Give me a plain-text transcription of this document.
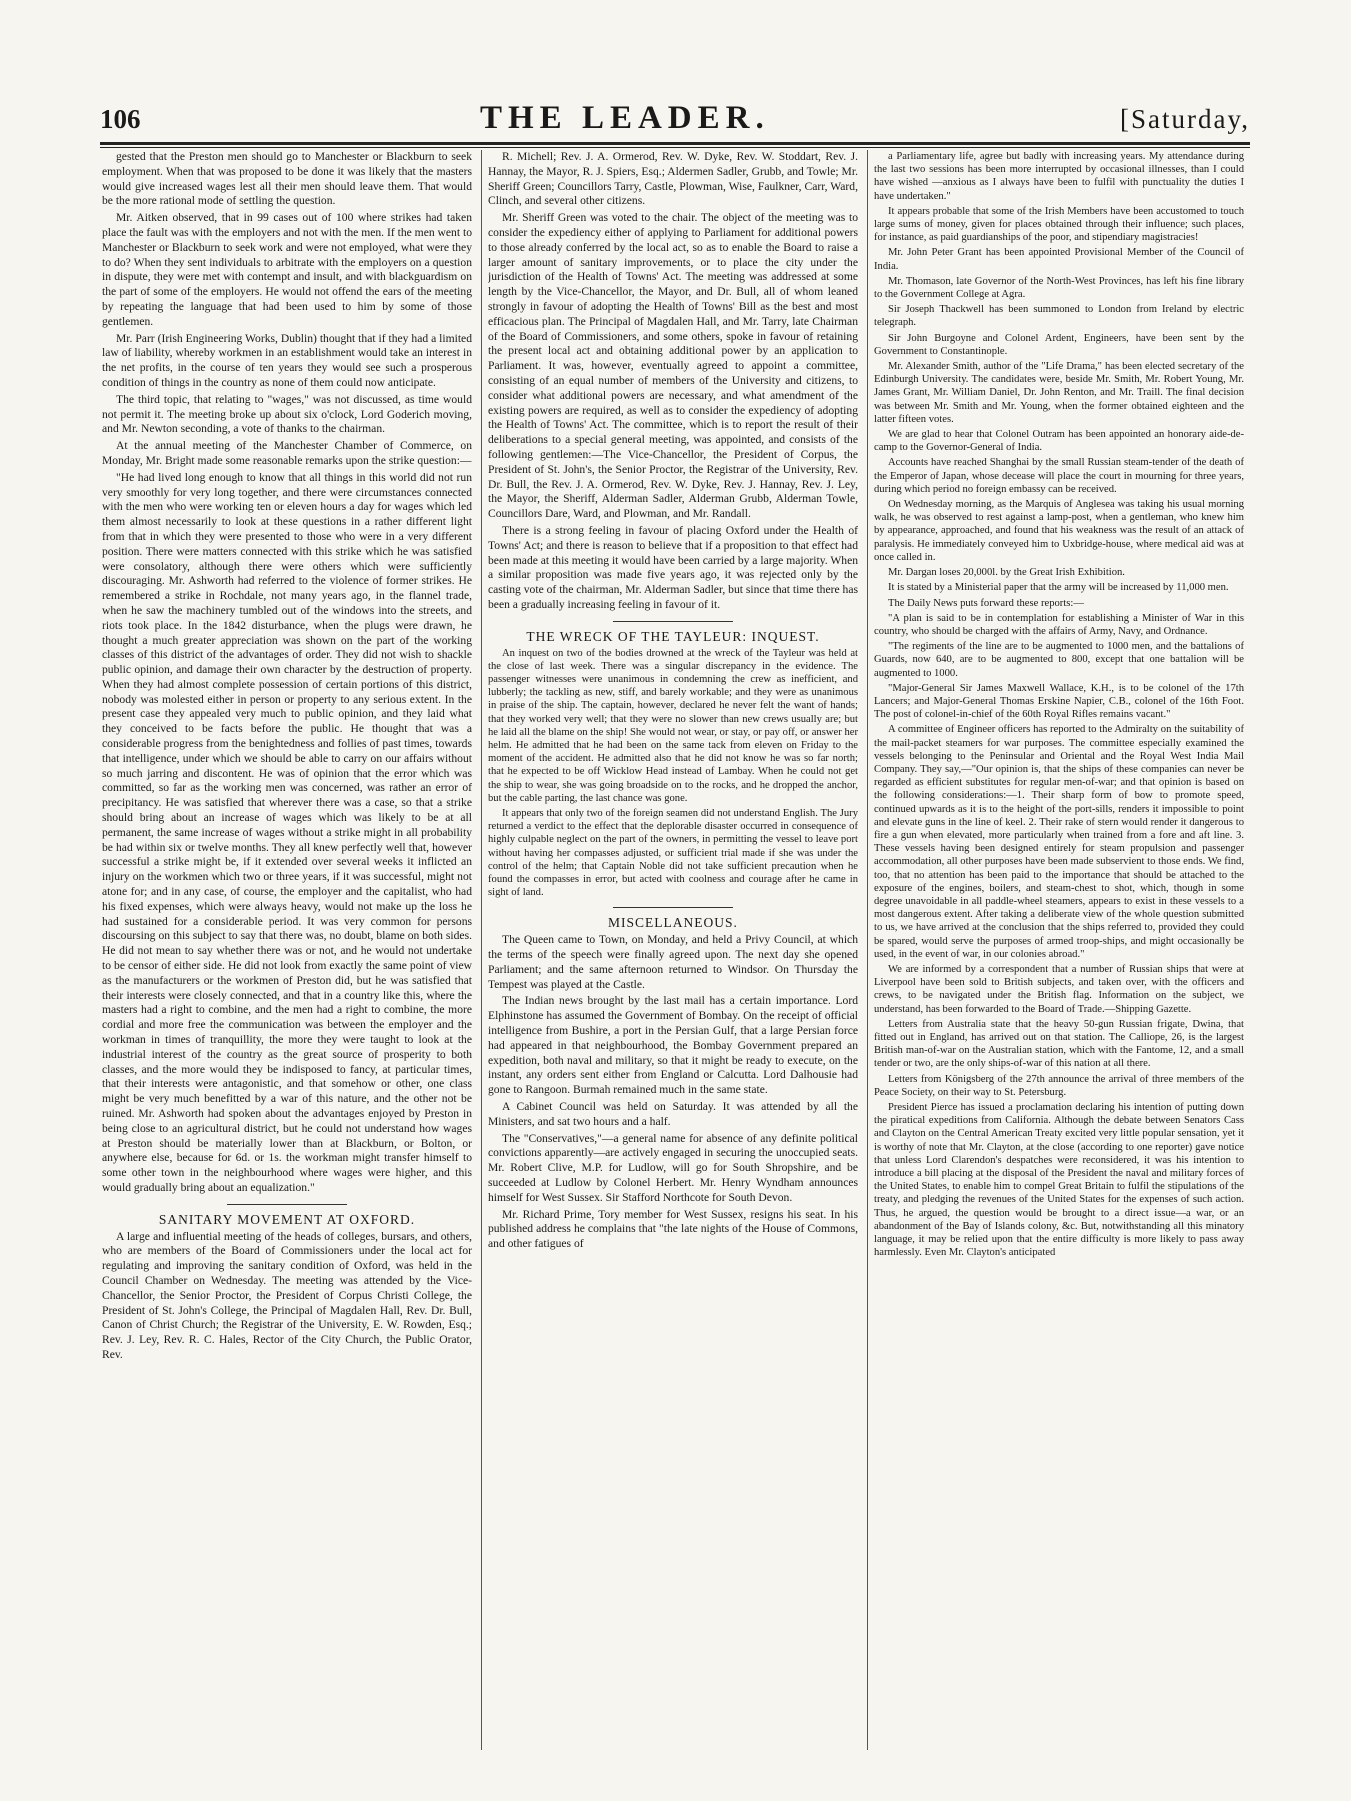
106	THE LEADER.	[Saturday,

gested that the Preston men should go to Manchester or Blackburn to seek employment. When that was proposed to be done it was likely that the masters would give increased wages lest all their men should leave them. That would be the more rational mode of settling the question.

Mr. Aitken observed, that in 99 cases out of 100 where strikes had taken place the fault was with the employers and not with the men. If the men went to Manchester or Blackburn to seek work and were not employed, what were they to do? When they sent individuals to arbitrate with the employers on a question in dispute, they were met with contempt and insult, and with blackguardism on the part of some of the employers. He would not offend the ears of the meeting by repeating the language that had been used to him by some of those gentlemen.

Mr. Parr (Irish Engineering Works, Dublin) thought that if they had a limited law of liability, whereby workmen in an establishment would take an interest in the net profits, in the course of ten years they would see such a prosperous condition of things in the country as none of them could now anticipate.

The third topic, that relating to "wages," was not discussed, as time would not permit it. The meeting broke up about six o'clock, Lord Goderich moving, and Mr. Newton seconding, a vote of thanks to the chairman.

At the annual meeting of the Manchester Chamber of Commerce, on Monday, Mr. Bright made some reasonable remarks upon the strike question:—

"He had lived long enough to know that all things in this world did not run very smoothly for very long together, and there were circumstances connected with the men who were working ten or eleven hours a day for wages which led them almost necessarily to look at these questions in a rather different light from that in which they were presented to those who were in a very different position. There were matters connected with this strike which he was satisfied were consolatory, although there were others which were sufficiently discouraging. Mr. Ashworth had referred to the violence of former strikes. He remembered a strike in Rochdale, not many years ago, in the flannel trade, when he saw the machinery tumbled out of the windows into the streets, and riots took place. In the 1842 disturbance, when the plugs were drawn, he thought a much greater appreciation was shown on the part of the working classes of this district of the advantages of order. They did not wish to shackle public opinion, and damage their own character by the destruction of property. When they had almost complete possession of certain portions of this district, nobody was molested either in person or property to any serious extent. In the present case they appealed very much to public opinion, and they laid what they conceived to be facts before the public. He thought that was a considerable progress from the benightedness and follies of past times, towards that intelligence, under which we should be able to carry on our affairs without so much jarring and discontent. He was of opinion that the error which was committed, so far as the working men was concerned, was rather an error of precipitancy. He was satisfied that wherever there was a case, so that a strike should bring about an increase of wages which was likely to be at all permanent, the same increase of wages without a strike might in all probability be had within six or twelve months. They all knew perfectly well that, however successful a strike might be, if it extended over several weeks it inflicted an injury on the workmen which two or three years, if it was successful, might not atone for; and in any case, of course, the employer and the capitalist, who had his fixed expenses, which were always heavy, would not make up the loss he had sustained for a considerable period. It was very common for persons discoursing on this subject to say that there was, no doubt, blame on both sides. He did not mean to say whether there was or not, and he would not undertake to be censor of either side. He did not look from exactly the same point of view as the manufacturers or the workmen of Preston did, but he was satisfied that their interests were closely connected, and that in a country like this, where the masters had a right to combine, and the men had a right to combine, the more cordial and more free the communication was between the employer and the workman in times of tranquillity, the more they were taught to look at the industrial interest of the country as the great source of prosperity to both classes, and the more would they be indisposed to fancy, at particular times, that their interests were antagonistic, and that somehow or other, one class might be very much benefitted by a war of this nature, and the other not be ruined. Mr. Ashworth had spoken about the advantages enjoyed by Preston in being close to an agricultural district, but he could not understand how wages at Preston should be materially lower than at Blackburn, or Bolton, or anywhere else, because for 6d. or 1s. the workman might transfer himself to some other town in the neighbourhood where wages were higher, and this would gradually bring about an equalization."

SANITARY MOVEMENT AT OXFORD.

A large and influential meeting of the heads of colleges, bursars, and others, who are members of the Board of Commissioners under the local act for regulating and improving the sanitary condition of Oxford, was held in the Council Chamber on Wednesday. The meeting was attended by the Vice-Chancellor, the Senior Proctor, the President of Corpus Christi College, the President of St. John's College, the Principal of Magdalen Hall, Rev. Dr. Bull, Canon of Christ Church; the Registrar of the University, E. W. Rowden, Esq.; Rev. J. Ley, Rev. R. C. Hales, Rector of the City Church, the Public Orator, Rev.

R. Michell; Rev. J. A. Ormerod, Rev. W. Dyke, Rev. W. Stoddart, Rev. J. Hannay, the Mayor, R. J. Spiers, Esq.; Aldermen Sadler, Grubb, and Towle; Mr. Sheriff Green; Councillors Tarry, Castle, Plowman, Wise, Faulkner, Carr, Ward, Clinch, and several other citizens.

Mr. Sheriff Green was voted to the chair. The object of the meeting was to consider the expediency either of applying to Parliament for additional powers to those already conferred by the local act, so as to enable the Board to raise a larger amount of sanitary improvements, or to place the city under the jurisdiction of the Health of Towns' Act. The meeting was addressed at some length by the Vice-Chancellor, the Mayor, and Dr. Bull, all of whom leaned strongly in favour of adopting the Health of Towns' Bill as the best and most efficacious plan. The Principal of Magdalen Hall, and Mr. Tarry, late Chairman of the Board of Commissioners, and some others, spoke in favour of retaining the present local act and obtaining additional power by an application to Parliament. It was, however, eventually agreed to appoint a committee, consisting of an equal number of members of the University and citizens, to consider what additional powers are necessary, and what amendment of the existing powers are required, as well as to consider the expediency of adopting the Health of Towns' Act. The committee, which is to report the result of their deliberations to a special general meeting, was appointed, and consists of the following gentlemen:—The Vice-Chancellor, the President of Corpus, the President of St. John's, the Senior Proctor, the Registrar of the University, Rev. Dr. Bull, the Rev. J. A. Ormerod, Rev. W. Dyke, Rev. J. Hannay, Rev. J. Ley, the Mayor, the Sheriff, Alderman Sadler, Alderman Grubb, Alderman Towle, Councillors Dare, Ward, and Plowman, and Mr. Randall.

There is a strong feeling in favour of placing Oxford under the Health of Towns' Act; and there is reason to believe that if a proposition to that effect had been made at this meeting it would have been carried by a large majority. When a similar proposition was made five years ago, it was rejected only by the casting vote of the chairman, Mr. Alderman Sadler, but since that time there has been a gradually increasing feeling in favour of it.

THE WRECK OF THE TAYLEUR: INQUEST.

An inquest on two of the bodies drowned at the wreck of the Tayleur was held at the close of last week. There was a singular discrepancy in the evidence. The passenger witnesses were unanimous in condemning the crew as inefficient, and lubberly; the tackling as new, stiff, and barely workable; and they were as unanimous in praise of the ship. The captain, however, declared he never felt the want of hands; that they worked very well; that they were no slower than new crews usually are; but he laid all the blame on the ship! She would not wear, or stay, or pay off, or answer her helm. He admitted that he had been on the same tack from eleven on Friday to the moment of the accident. He admitted also that he did not know he was so far north; that he expected to be off Wicklow Head instead of Lambay. When he could not get the ship to wear, she was going broadside on to the rocks, and he dropped the anchor, but the cable parting, the last chance was gone.

It appears that only two of the foreign seamen did not understand English. The Jury returned a verdict to the effect that the deplorable disaster occurred in consequence of highly culpable neglect on the part of the owners, in permitting the vessel to leave port without having her compasses adjusted, or sufficient trial made if she was under the control of the helm; that Captain Noble did not take sufficient precaution when he found the compasses in error, but acted with coolness and courage after he came in sight of land.

MISCELLANEOUS.

The Queen came to Town, on Monday, and held a Privy Council, at which the terms of the speech were finally agreed upon. The next day she opened Parliament; and the same afternoon returned to Windsor. On Thursday the Tempest was played at the Castle.

The Indian news brought by the last mail has a certain importance. Lord Elphinstone has assumed the Government of Bombay. On the receipt of official intelligence from Bushire, a port in the Persian Gulf, that a large Persian force had appeared in that neighbourhood, the Bombay Government prepared an expedition, both naval and military, so that it might be ready to execute, on the instant, any orders sent either from England or Calcutta. Lord Dalhousie had gone to Rangoon. Burmah remained much in the same state.

A Cabinet Council was held on Saturday. It was attended by all the Ministers, and sat two hours and a half.

The "Conservatives,"—a general name for absence of any definite political convictions apparently—are actively engaged in securing the unoccupied seats. Mr. Robert Clive, M.P. for Ludlow, will go for South Shropshire, and be succeeded at Ludlow by Colonel Herbert. Mr. Henry Wyndham announces himself for West Sussex. Sir Stafford Northcote for South Devon.

Mr. Richard Prime, Tory member for West Sussex, resigns his seat. In his published address he complains that "the late nights of the House of Commons, and other fatigues of

a Parliamentary life, agree but badly with increasing years. My attendance during the last two sessions has been more interrupted by occasional illnesses, than I could have wished —anxious as I always have been to fulfil with punctuality the duties I have undertaken."

It appears probable that some of the Irish Members have been accustomed to touch large sums of money, given for places obtained through their influence; such places, for instance, as paid guardianships of the poor, and stipendiary magistracies!

Mr. John Peter Grant has been appointed Provisional Member of the Council of India.

Mr. Thomason, late Governor of the North-West Provinces, has left his fine library to the Government College at Agra.

Sir Joseph Thackwell has been summoned to London from Ireland by electric telegraph.

Sir John Burgoyne and Colonel Ardent, Engineers, have been sent by the Government to Constantinople.

Mr. Alexander Smith, author of the "Life Drama," has been elected secretary of the Edinburgh University. The candidates were, beside Mr. Smith, Mr. Robert Young, Mr. James Grant, Mr. William Daniel, Dr. John Renton, and Mr. Traill. The final decision was between Mr. Smith and Mr. Young, when the former obtained eighteen and the latter fifteen votes.

We are glad to hear that Colonel Outram has been appointed an honorary aide-de-camp to the Governor-General of India.

Accounts have reached Shanghai by the small Russian steam-tender of the death of the Emperor of Japan, whose decease will place the court in mourning for three years, during which period no foreign embassy can be received.

On Wednesday morning, as the Marquis of Anglesea was taking his usual morning walk, he was observed to rest against a lamp-post, when a gentleman, who knew him by appearance, approached, and found that his weakness was the result of an attack of paralysis. He immediately conveyed him to Uxbridge-house, where medical aid was at once called in.

Mr. Dargan loses 20,000l. by the Great Irish Exhibition.

It is stated by a Ministerial paper that the army will be increased by 11,000 men.

The Daily News puts forward these reports:—

"A plan is said to be in contemplation for establishing a Minister of War in this country, who should be charged with the affairs of Army, Navy, and Ordnance.

"The regiments of the line are to be augmented to 1000 men, and the battalions of Guards, now 640, are to be augmented to 800, except that one battalion will be augmented to 1000.

"Major-General Sir James Maxwell Wallace, K.H., is to be colonel of the 17th Lancers; and Major-General Thomas Erskine Napier, C.B., colonel of the 16th Foot. The post of colonel-in-chief of the 60th Royal Rifles remains vacant."

A committee of Engineer officers has reported to the Admiralty on the suitability of the mail-packet steamers for war purposes. The committee especially examined the vessels belonging to the Peninsular and Oriental and the Royal West India Mail Company. They say,—"Our opinion is, that the ships of these companies can never be regarded as efficient substitutes for regular men-of-war; and that opinion is based on the following considerations:—1. Their sharp form of bow to promote speed, continued upwards as it is to the height of the port-sills, renders it impossible to point and elevate guns in the line of keel. 2. Their rake of stern would render it dangerous to fire a gun when elevated, more particularly when trained from a fore and aft line. 3. These vessels having been designed entirely for steam propulsion and passenger accommodation, all other purposes have been made subservient to those ends. We find, too, that no attention has been paid to the importance that should be attached to the exposure of the engines, boilers, and steam-chest to shot, which, though in some degree unavoidable in all paddle-wheel steamers, appears to exist in these vessels to a most dangerous extent. After taking a deliberate view of the whole question submitted to us, we have arrived at the conclusion that the ships referred to, provided they could be spared, would serve the purposes of armed troop-ships, and might occasionally be used, in the event of war, in our colonies abroad."

We are informed by a correspondent that a number of Russian ships that were at Liverpool have been sold to British subjects, and taken over, with the officers and crews, to be navigated under the British flag. Information on the subject, we understand, has been forwarded to the Board of Trade.—Shipping Gazette.

Letters from Australia state that the heavy 50-gun Russian frigate, Dwina, that fitted out in England, has arrived out on that station. The Calliope, 26, is the largest British man-of-war on the Australian station, which with the Fantome, 12, and a small tender or two, are the only ships-of-war of this nation at all there.

Letters from Königsberg of the 27th announce the arrival of three members of the Peace Society, on their way to St. Petersburg.

President Pierce has issued a proclamation declaring his intention of putting down the piratical expeditions from California. Although the debate between Senators Cass and Clayton on the Central American Treaty excited very little popular sensation, yet it is worthy of note that Mr. Clayton, at the close (according to one reporter) gave notice that unless Lord Clarendon's despatches were reconsidered, it was his intention to introduce a bill placing at the disposal of the President the naval and military forces of the United States, to enable him to compel Great Britain to fulfil the stipulations of the treaty, and pledging the revenues of the United States for the expenses of such action. Thus, he argued, the question would be brought to a direct issue—a war, or an abandonment of the Bay of Islands colony, &c. But, notwithstanding all this minatory language, it may be relied upon that the entire difficulty is more likely to pass away harmlessly. Even Mr. Clayton's anticipated
